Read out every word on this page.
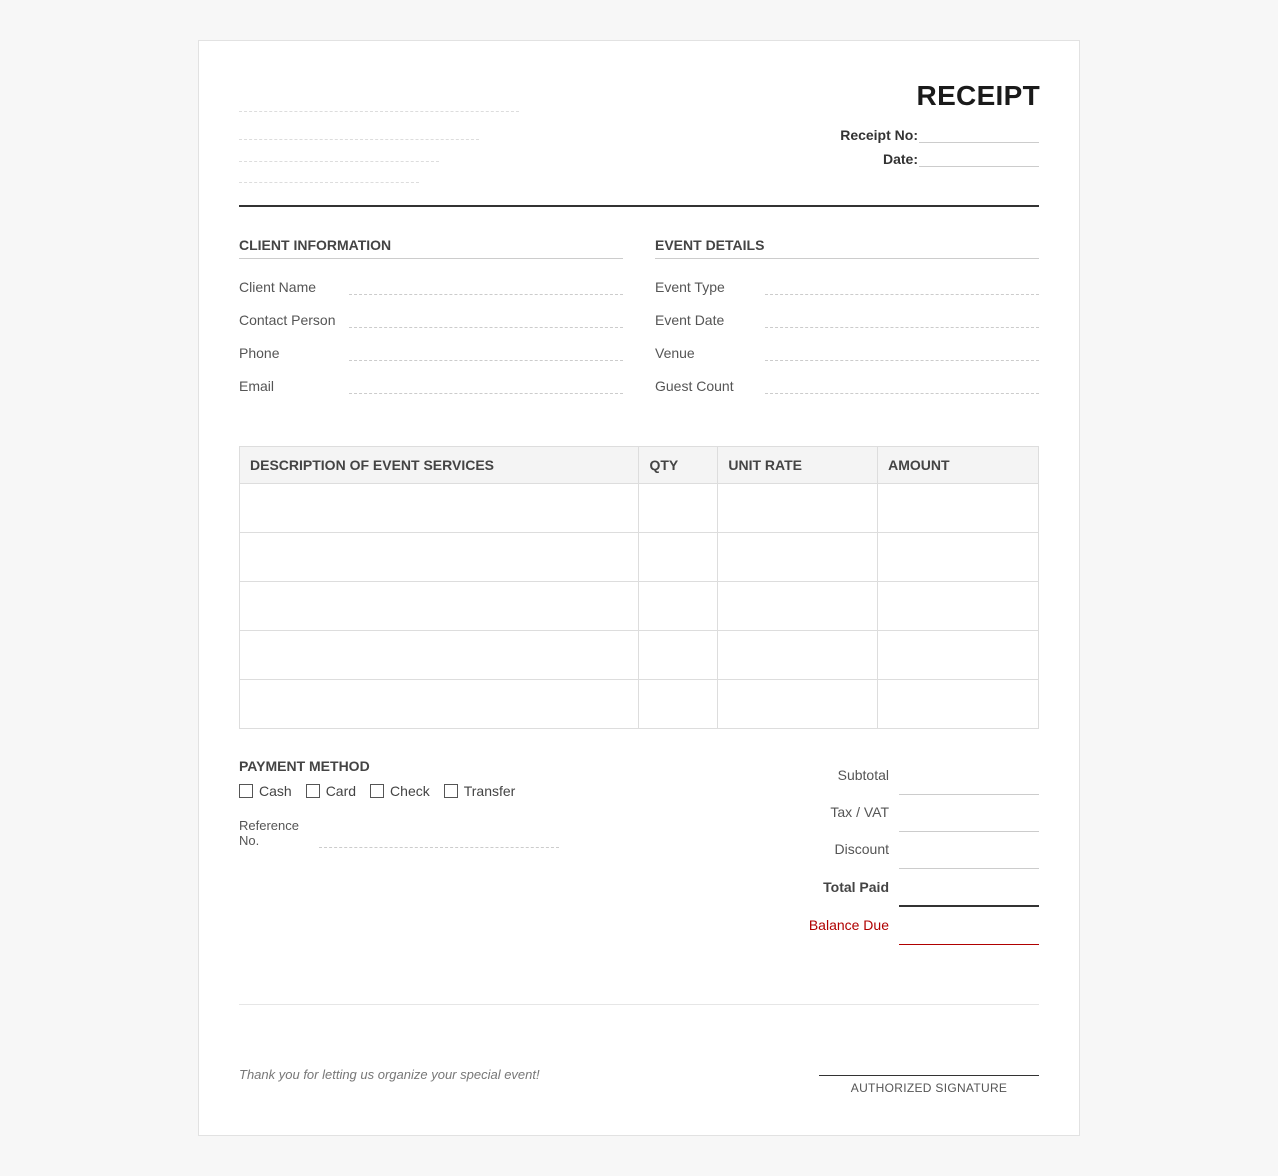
RECEIPT
Receipt No:
Date:
CLIENT INFORMATION
Client Name
Contact Person
Phone
Email
EVENT DETAILS
Event Type
Event Date
Venue
Guest Count
DESCRIPTION OF EVENT SERVICES	QTY	UNIT RATE	AMOUNT

PAYMENT METHOD
Cash Card Check Transfer
Reference No.
Subtotal
Tax / VAT
Discount
Total Paid
Balance Due
Thank you for letting us organize your special event!
AUTHORIZED SIGNATURE
